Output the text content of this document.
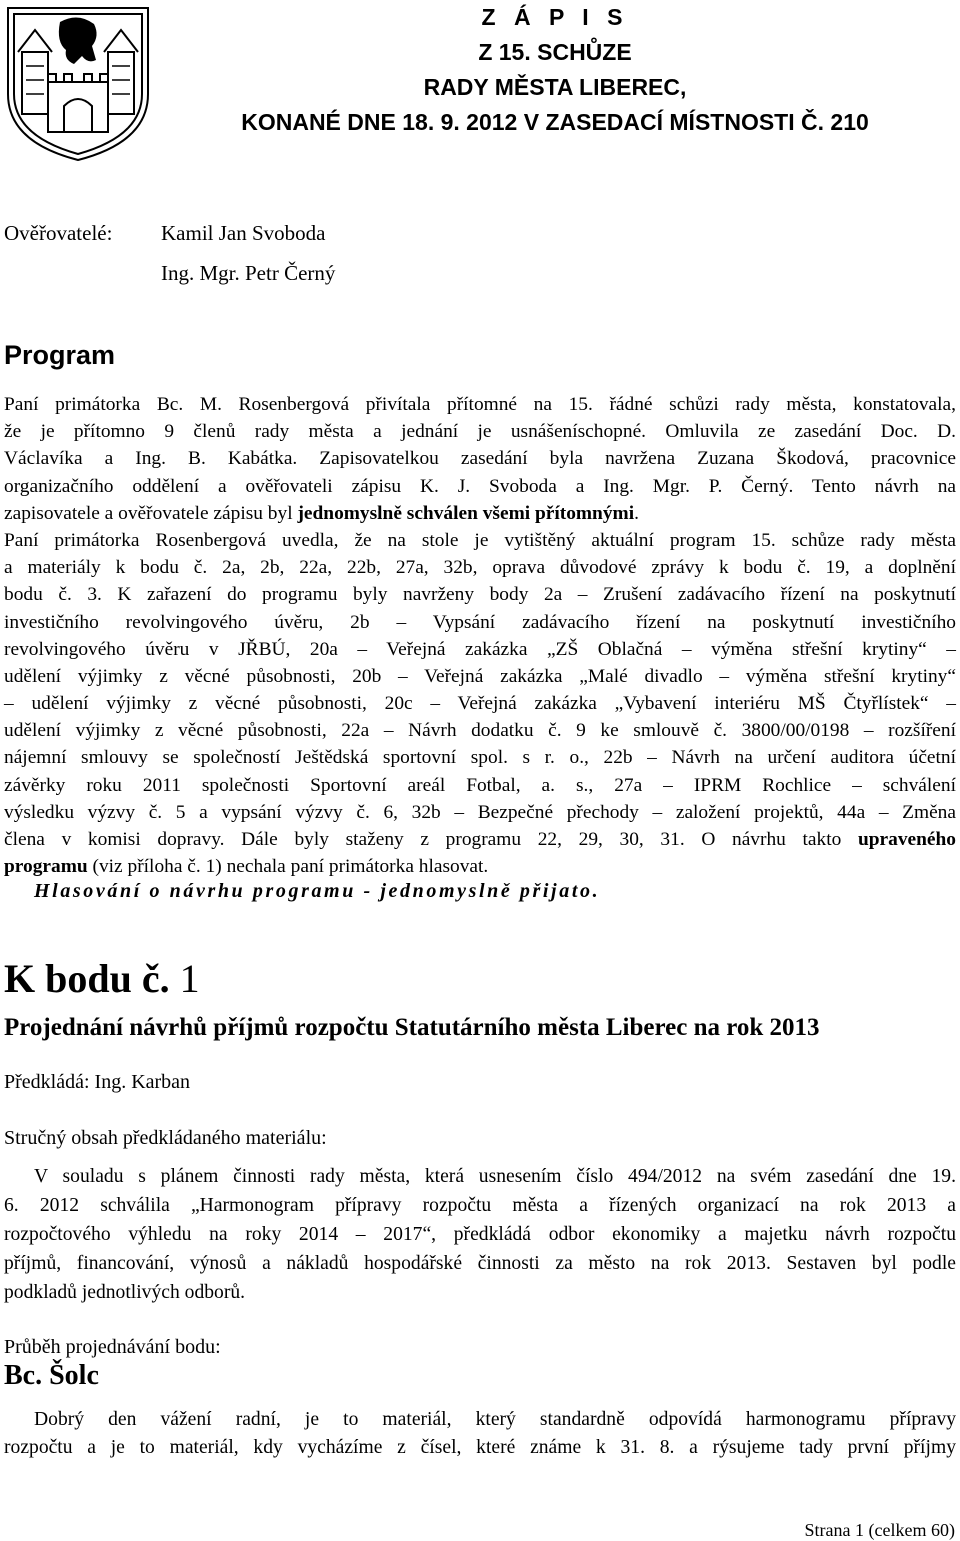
Z Á P I S
Z 15. SCHŮZE
RADY MĚSTA LIBEREC,
KONANÉ DNE 18. 9. 2012 V ZASEDACÍ MÍSTNOSTI Č. 210
Ověřovatelé: Kamil Jan Svoboda
Ing. Mgr. Petr Černý
Program
Paní primátorka Bc. M. Rosenbergová přivítala přítomné na 15. řádné schůzi rady města, konstatovala,
že je přítomno 9 členů rady města a jednání je usnášeníschopné. Omluvila ze zasedání Doc. D.
Václavíka a Ing. B. Kabátka. Zapisovatelkou zasedání byla navržena Zuzana Škodová, pracovnice
organizačního oddělení a ověřovateli zápisu K. J. Svoboda a Ing. Mgr. P. Černý. Tento návrh na
zapisovatele a ověřovatele zápisu byl jednomyslně schválen všemi přítomnými.
Paní primátorka Rosenbergová uvedla, že na stole je vytištěný aktuální program 15. schůze rady města
a materiály k bodu č. 2a, 2b, 22a, 22b, 27a, 32b, oprava důvodové zprávy k bodu č. 19, a doplnění
bodu č. 3. K zařazení do programu byly navrženy body 2a – Zrušení zadávacího řízení na poskytnutí
investičního revolvingového úvěru, 2b – Vypsání zadávacího řízení na poskytnutí investičního
revolvingového úvěru v JŘBÚ, 20a – Veřejná zakázka „ZŠ Oblačná – výměna střešní krytiny“ –
udělení výjimky z věcné působnosti, 20b – Veřejná zakázka „Malé divadlo – výměna střešní krytiny“
– udělení výjimky z věcné působnosti, 20c – Veřejná zakázka „Vybavení interiéru MŠ Čtyřlístek“ –
udělení výjimky z věcné působnosti, 22a – Návrh dodatku č. 9 ke smlouvě č. 3800/00/0198 – rozšíření
nájemní smlouvy se společností Ještědská sportovní spol. s r. o., 22b – Návrh na určení auditora účetní
závěrky roku 2011 společnosti Sportovní areál Fotbal, a. s., 27a – IPRM Rochlice – schválení
výsledku výzvy č. 5 a vypsání výzvy č. 6, 32b – Bezpečné přechody – založení projektů, 44a – Změna
člena v komisi dopravy. Dále byly staženy z programu 22, 29, 30, 31. O návrhu takto upraveného
programu (viz příloha č. 1) nechala paní primátorka hlasovat.
Hlasování o návrhu programu - jednomyslně přijato.
K bodu č. 1
Projednání návrhů příjmů rozpočtu Statutárního města Liberec na rok 2013
Předkládá: Ing. Karban
Stručný obsah předkládaného materiálu:
V souladu s plánem činnosti rady města, která usnesením číslo 494/2012 na svém zasedání dne 19.
6. 2012 schválila „Harmonogram přípravy rozpočtu města a řízených organizací na rok 2013 a
rozpočtového výhledu na roky 2014 – 2017“, předkládá odbor ekonomiky a majetku návrh rozpočtu
příjmů, financování, výnosů a nákladů hospodářské činnosti za město na rok 2013. Sestaven byl podle
podkladů jednotlivých odborů.
Průběh projednávání bodu:
Bc. Šolc
Dobrý den vážení radní, je to materiál, který standardně odpovídá harmonogramu přípravy
rozpočtu a je to materiál, kdy vycházíme z čísel, které známe k 31. 8. a rýsujeme tady první příjmy
Strana 1 (celkem 60)
